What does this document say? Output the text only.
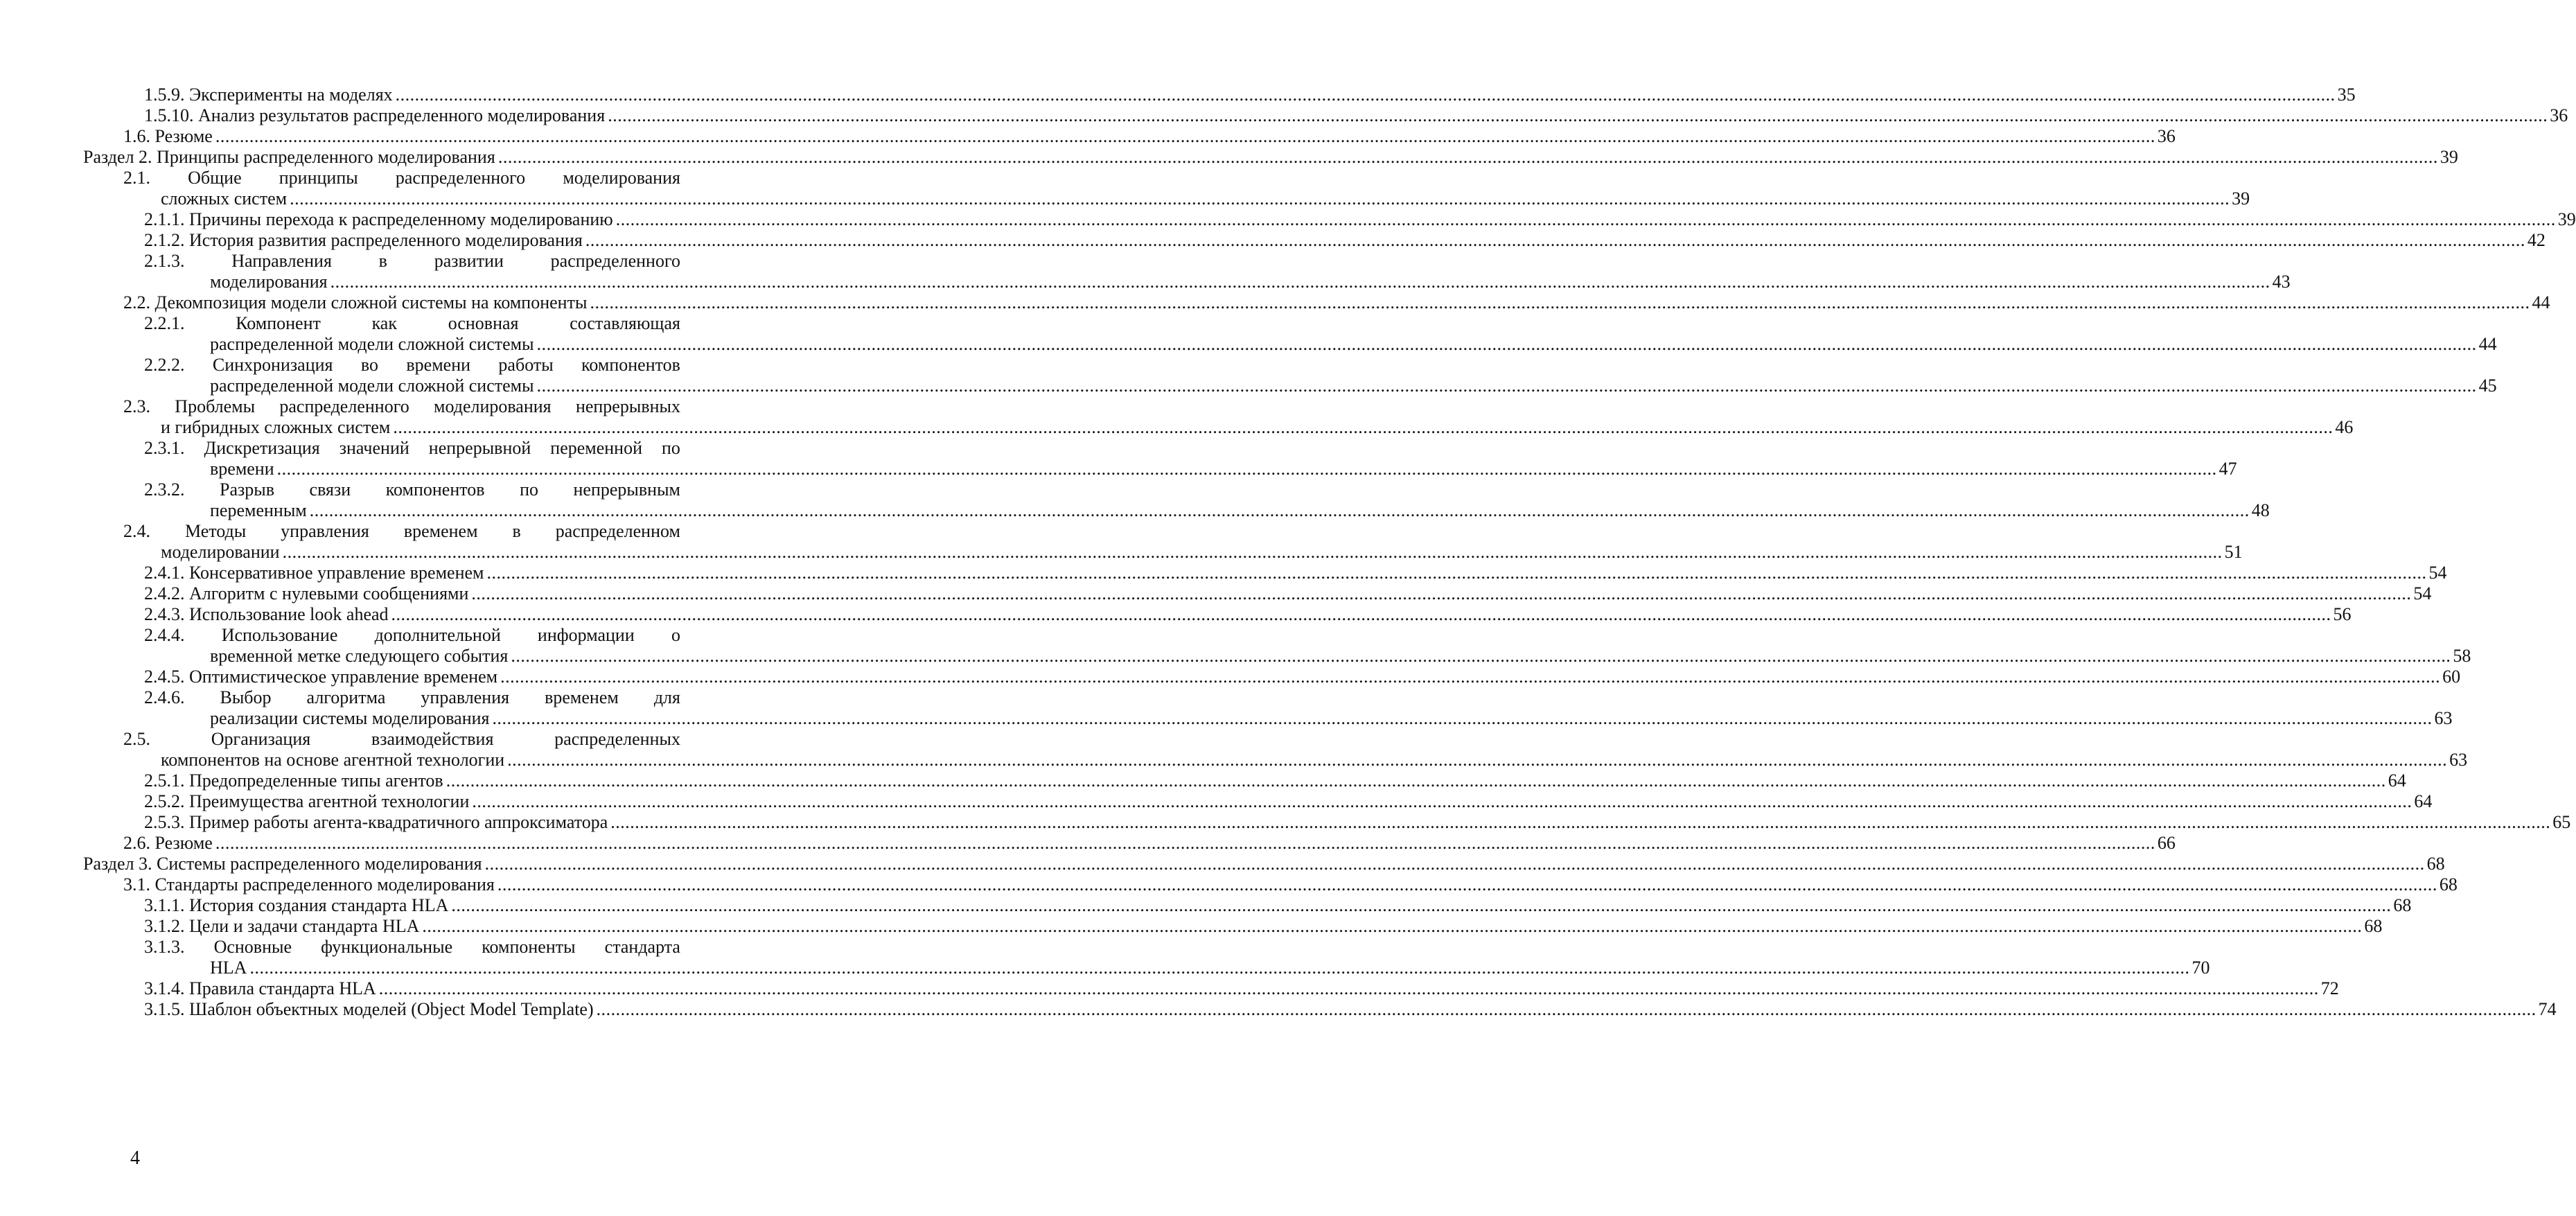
1.5.9. Эксперименты на моделях ................................................................................................................................................................................................................................................................................................................................................................................................................ 35
1.5.10. Анализ результатов распределенного моделирования ................................................................................................................................................................................................................................................................................................................................................................................................................ 36
1.6. Резюме ................................................................................................................................................................................................................................................................................................................................................................................................................ 36
Раздел 2. Принципы распределенного моделирования ................................................................................................................................................................................................................................................................................................................................................................................................................ 39
2.1. Общие принципы распределенного моделирования
сложных систем ................................................................................................................................................................................................................................................................................................................................................................................................................ 39
2.1.1. Причины перехода к распределенному моделированию ................................................................................................................................................................................................................................................................................................................................................................................................................ 39
2.1.2. История развития распределенного моделирования ................................................................................................................................................................................................................................................................................................................................................................................................................ 42
2.1.3.	Направления	в	развитии	распределенного
моделирования ................................................................................................................................................................................................................................................................................................................................................................................................................ 43
2.2. Декомпозиция модели сложной системы на компоненты ................................................................................................................................................................................................................................................................................................................................................................................................................ 44
2.2.1.	Компонент	как	основная	составляющая
распределенной модели сложной системы ................................................................................................................................................................................................................................................................................................................................................................................................................ 44
2.2.2. Синхронизация во времени работы компонентов
распределенной модели сложной системы ................................................................................................................................................................................................................................................................................................................................................................................................................ 45
2.3. Проблемы распределенного моделирования непрерывных
и гибридных сложных систем ................................................................................................................................................................................................................................................................................................................................................................................................................ 46
2.3.1. Дискретизация значений непрерывной переменной по
времени ................................................................................................................................................................................................................................................................................................................................................................................................................ 47
2.3.2. Разрыв связи компонентов по непрерывным
переменным ................................................................................................................................................................................................................................................................................................................................................................................................................ 48
2.4. Методы управления временем в распределенном
моделировании ................................................................................................................................................................................................................................................................................................................................................................................................................ 51
2.4.1. Консервативное управление временем ................................................................................................................................................................................................................................................................................................................................................................................................................ 54
2.4.2. Алгоритм с нулевыми сообщениями ................................................................................................................................................................................................................................................................................................................................................................................................................ 54
2.4.3. Использование look ahead ................................................................................................................................................................................................................................................................................................................................................................................................................ 56
2.4.4. Использование дополнительной информации о
временной метке следующего события ................................................................................................................................................................................................................................................................................................................................................................................................................ 58
2.4.5. Оптимистическое управление временем ................................................................................................................................................................................................................................................................................................................................................................................................................ 60
2.4.6. Выбор алгоритма управления временем для
реализации системы моделирования ................................................................................................................................................................................................................................................................................................................................................................................................................ 63
2.5.	Организация	взаимодействия	распределенных
компонентов на основе агентной технологии ................................................................................................................................................................................................................................................................................................................................................................................................................ 63
2.5.1. Предопределенные типы агентов ................................................................................................................................................................................................................................................................................................................................................................................................................ 64
2.5.2. Преимущества агентной технологии ................................................................................................................................................................................................................................................................................................................................................................................................................ 64
2.5.3. Пример работы агента-квадратичного аппроксиматора ................................................................................................................................................................................................................................................................................................................................................................................................................ 65
2.6. Резюме ................................................................................................................................................................................................................................................................................................................................................................................................................ 66
Раздел 3. Системы распределенного моделирования ................................................................................................................................................................................................................................................................................................................................................................................................................ 68
3.1. Стандарты распределенного моделирования ................................................................................................................................................................................................................................................................................................................................................................................................................ 68
3.1.1. История создания стандарта HLA ................................................................................................................................................................................................................................................................................................................................................................................................................ 68
3.1.2. Цели и задачи стандарта HLA ................................................................................................................................................................................................................................................................................................................................................................................................................ 68
3.1.3. Основные функциональные компоненты стандарта
HLA ................................................................................................................................................................................................................................................................................................................................................................................................................ 70
3.1.4. Правила стандарта HLA ................................................................................................................................................................................................................................................................................................................................................................................................................ 72
3.1.5. Шаблон объектных моделей (Object Model Template) ................................................................................................................................................................................................................................................................................................................................................................................................................ 74
4
